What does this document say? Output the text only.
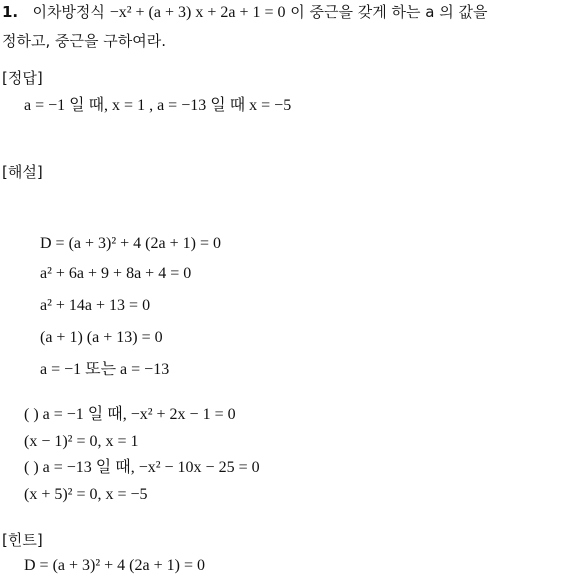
1. 이차방정식 −x² + (a + 3) x + 2a + 1 = 0 이 중근을 갖게 하는 a 의 값을
정하고, 중근을 구하여라.
[정답]
a = −1 일 때, x = 1 , a = −13 일 때 x = −5
[해설]
D = (a + 3)² + 4 (2a + 1) = 0
a² + 6a + 9 + 8a + 4 = 0
a² + 14a + 13 = 0
(a + 1) (a + 13) = 0
a = −1 또는 a = −13
( ) a = −1 일 때, −x² + 2x − 1 = 0
(x − 1)² = 0, x = 1
( ) a = −13 일 때, −x² − 10x − 25 = 0
(x + 5)² = 0, x = −5
[힌트]
D = (a + 3)² + 4 (2a + 1) = 0
